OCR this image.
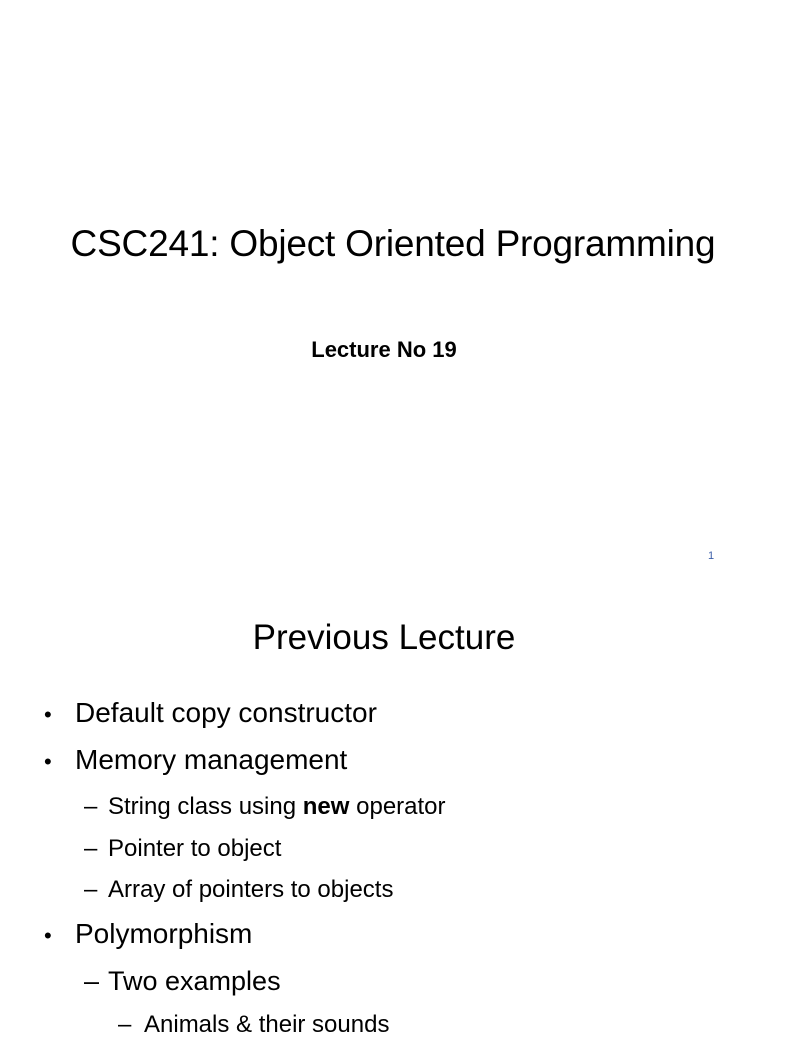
CSC241: Object Oriented Programming
Lecture No 19
1
Previous Lecture
• Default copy constructor
• Memory management
– String class using new operator
– Pointer to object
– Array of pointers to objects
• Polymorphism
– Two examples
– Animals & their sounds
